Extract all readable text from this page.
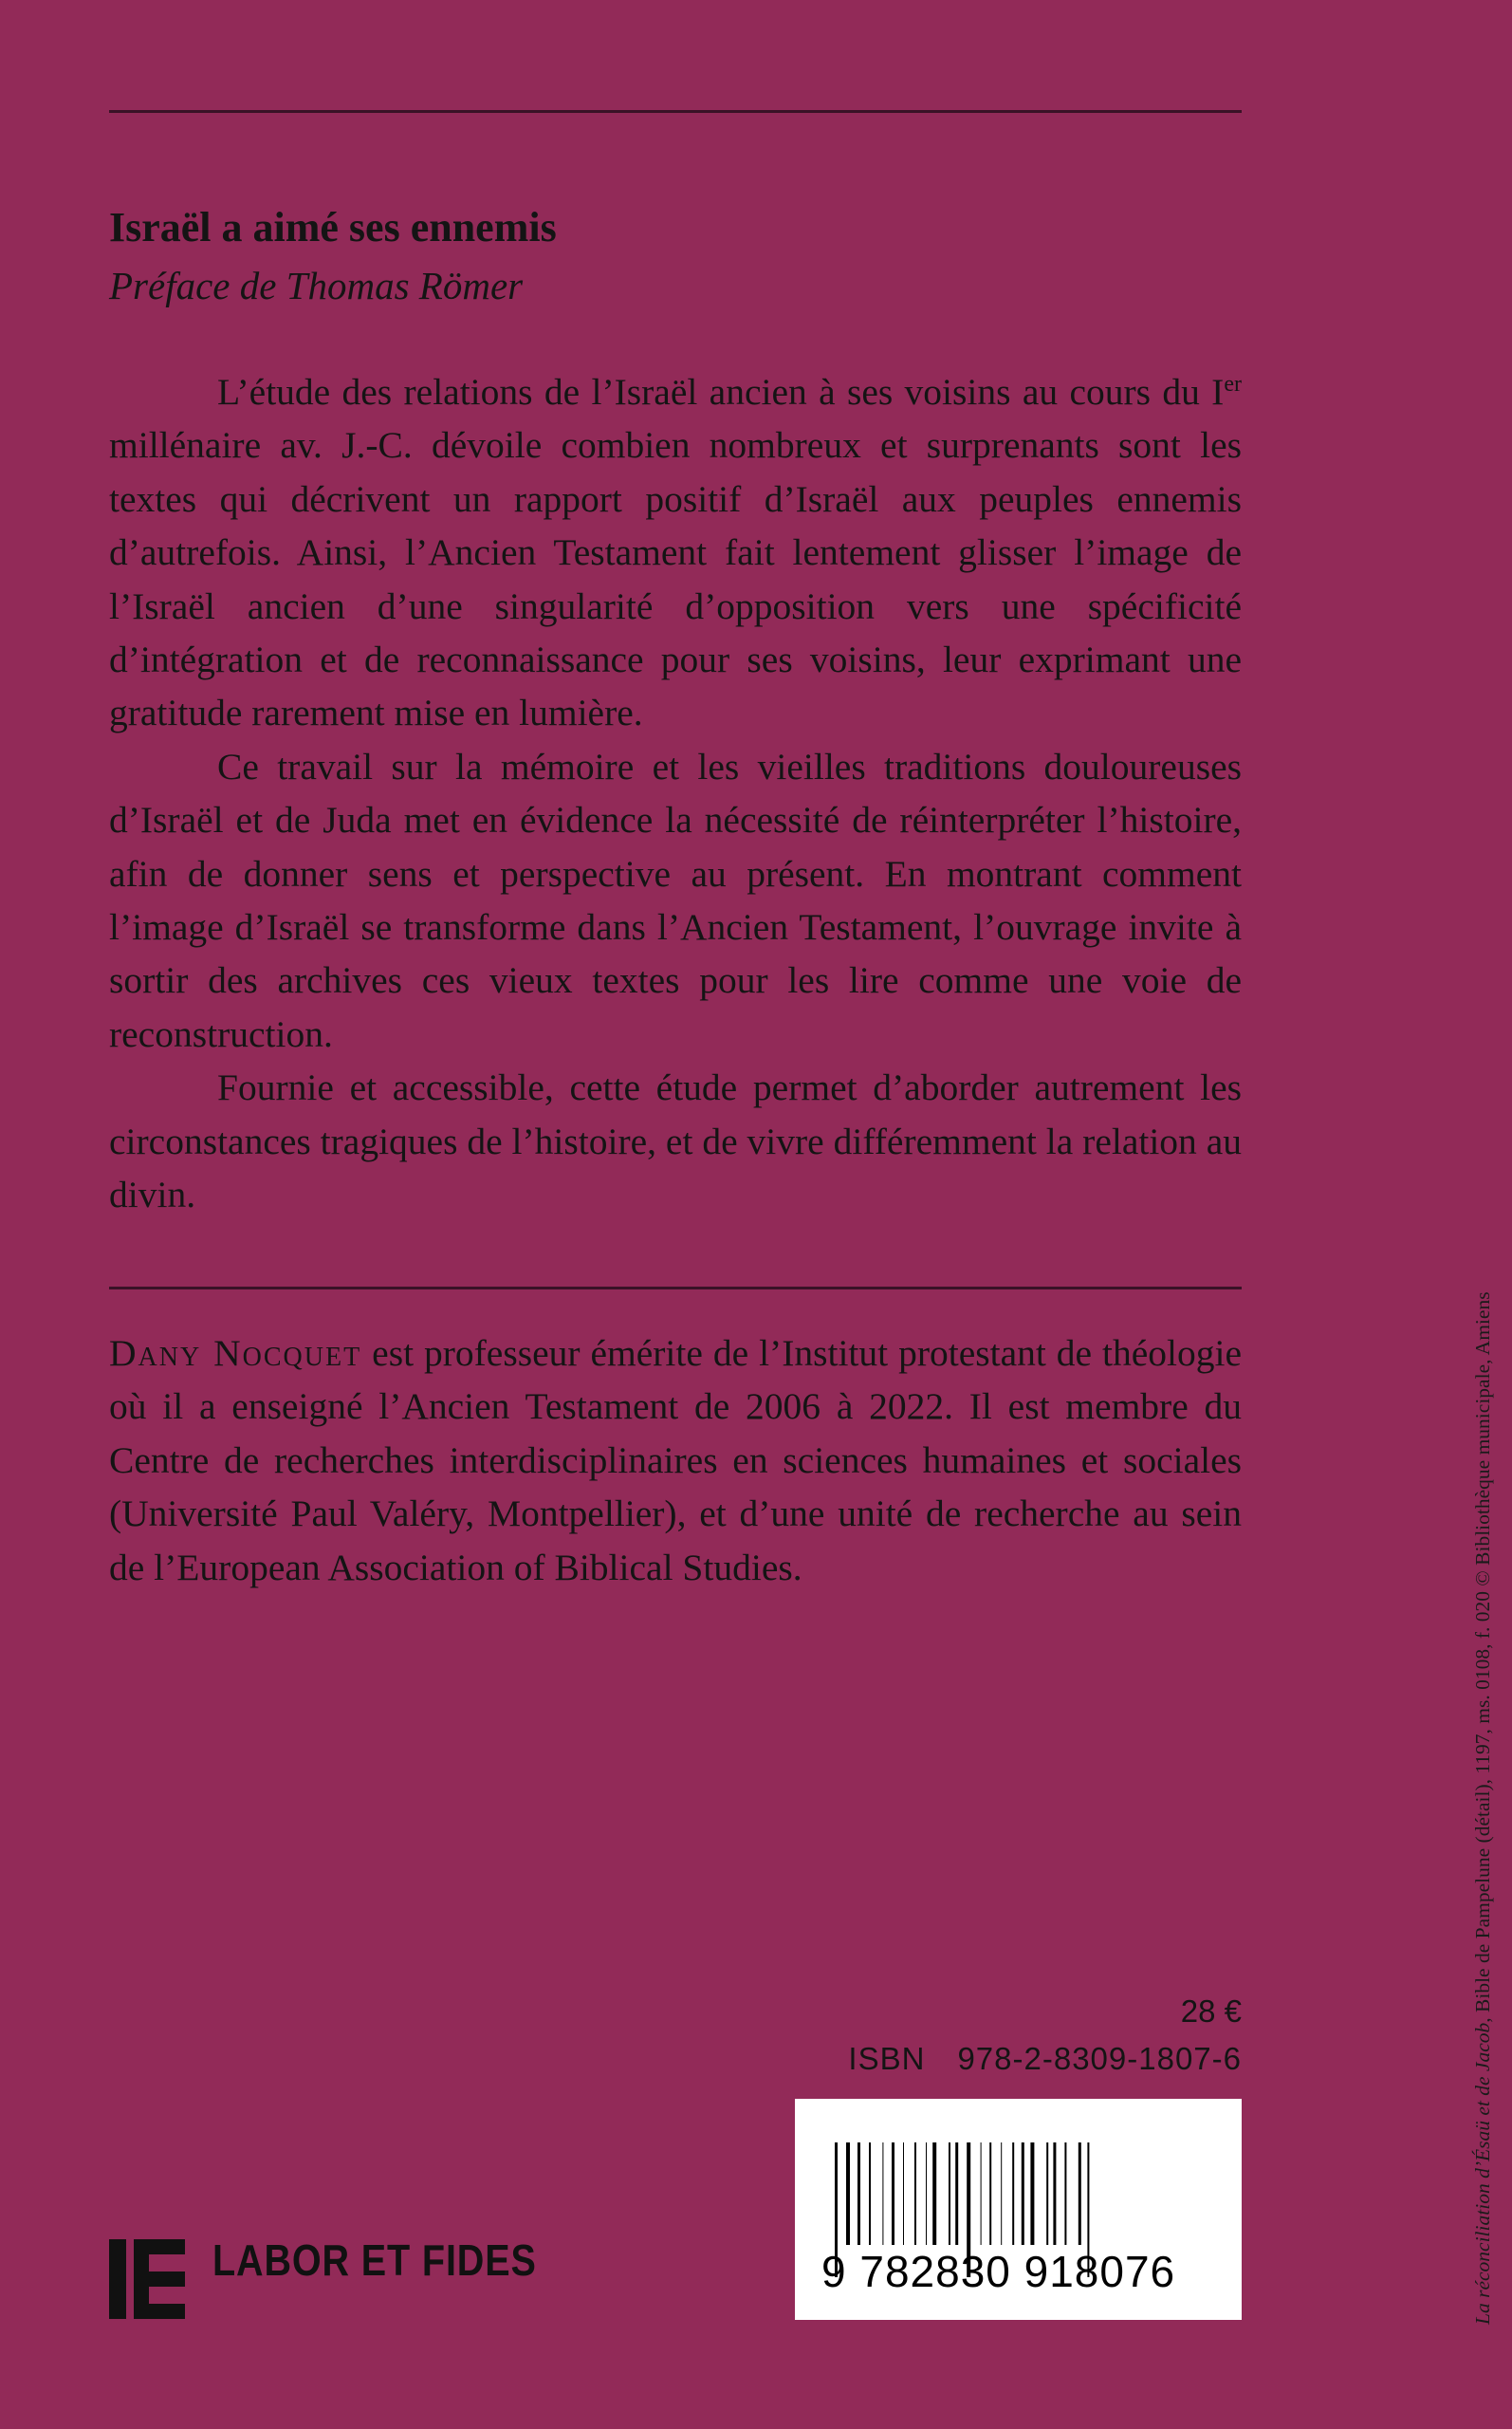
Israël a aimé ses ennemis
Préface de Thomas Römer

L’étude des relations de l’Israël ancien à ses voisins au cours du Ier millénaire av. J.-C. dévoile combien nombreux et surprenants sont les textes qui décrivent un rapport positif d’Israël aux peuples ennemis d’autrefois. Ainsi, l’Ancien Testament fait lentement glisser l’image de l’Israël ancien d’une singularité d’opposition vers une spécificité d’intégration et de reconnaissance pour ses voisins, leur exprimant une gratitude rarement mise en lumière.

Ce travail sur la mémoire et les vieilles traditions douloureuses d’Israël et de Juda met en évidence la nécessité de réinterpréter l’histoire, afin de donner sens et perspective au présent. En montrant comment l’image d’Israël se transforme dans l’Ancien Testament, l’ouvrage invite à sortir des archives ces vieux textes pour les lire comme une voie de reconstruction.

Fournie et accessible, cette étude permet d’aborder autrement les circonstances tragiques de l’histoire, et de vivre différemment la relation au divin.

Dany Nocquet est professeur émérite de l’Institut protestant de théologie où il a enseigné l’Ancien Testament de 2006 à 2022. Il est membre du Centre de recherches interdisciplinaires en sciences humaines et sociales (Université Paul Valéry, Montpellier), et d’une unité de recherche au sein de l’European Association of Biblical Studies.

28 €
ISBN 978-2-8309-1807-6
9 782830 918076
LABOR ET FIDES	La réconciliation d’Ésaü et de Jacob, Bible de Pampelune (détail), 1197, ms. 0108, f. 020 © Bibliothèque municipale, Amiens
